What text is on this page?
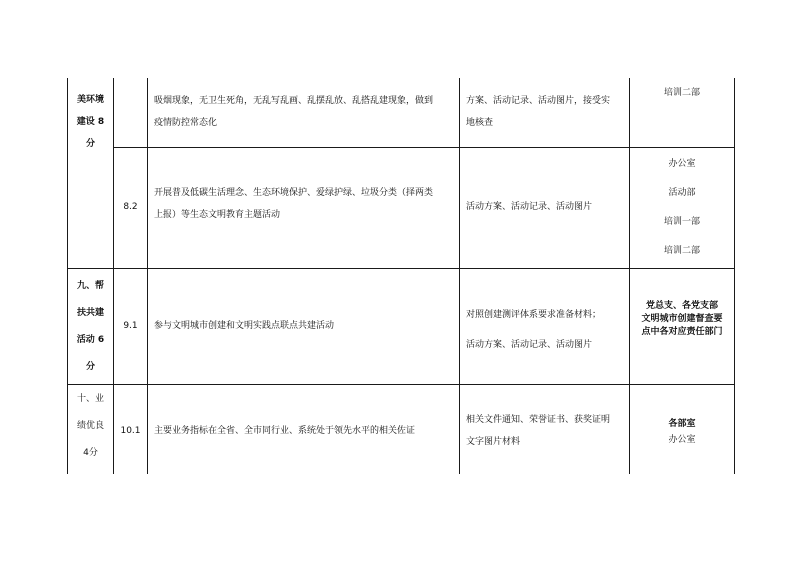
美环境
建设 8
分
吸烟现象，无卫生死角，无乱写乱画、乱摆乱放、乱搭乱建现象，做到
疫情防控常态化
方案、活动记录、活动图片，接受实
地核查
培训二部
8.2
开展普及低碳生活理念、生态环境保护、爱绿护绿、垃圾分类（择两类
上报）等生态文明教育主题活动
活动方案、活动记录、活动图片
办公室
活动部
培训一部
培训二部
九、帮
扶共建
活动 6
分
9.1 参与文明城市创建和文明实践点联点共建活动
对照创建测评体系要求准备材料；
活动方案、活动记录、活动图片
党总支、各党支部
文明城市创建督查要
点中各对应责任部门
十、业
绩优良
4分
10.1 主要业务指标在全省、全市同行业、系统处于领先水平的相关佐证
相关文件通知、荣誉证书、获奖证明
文字图片材料
各部室
办公室
